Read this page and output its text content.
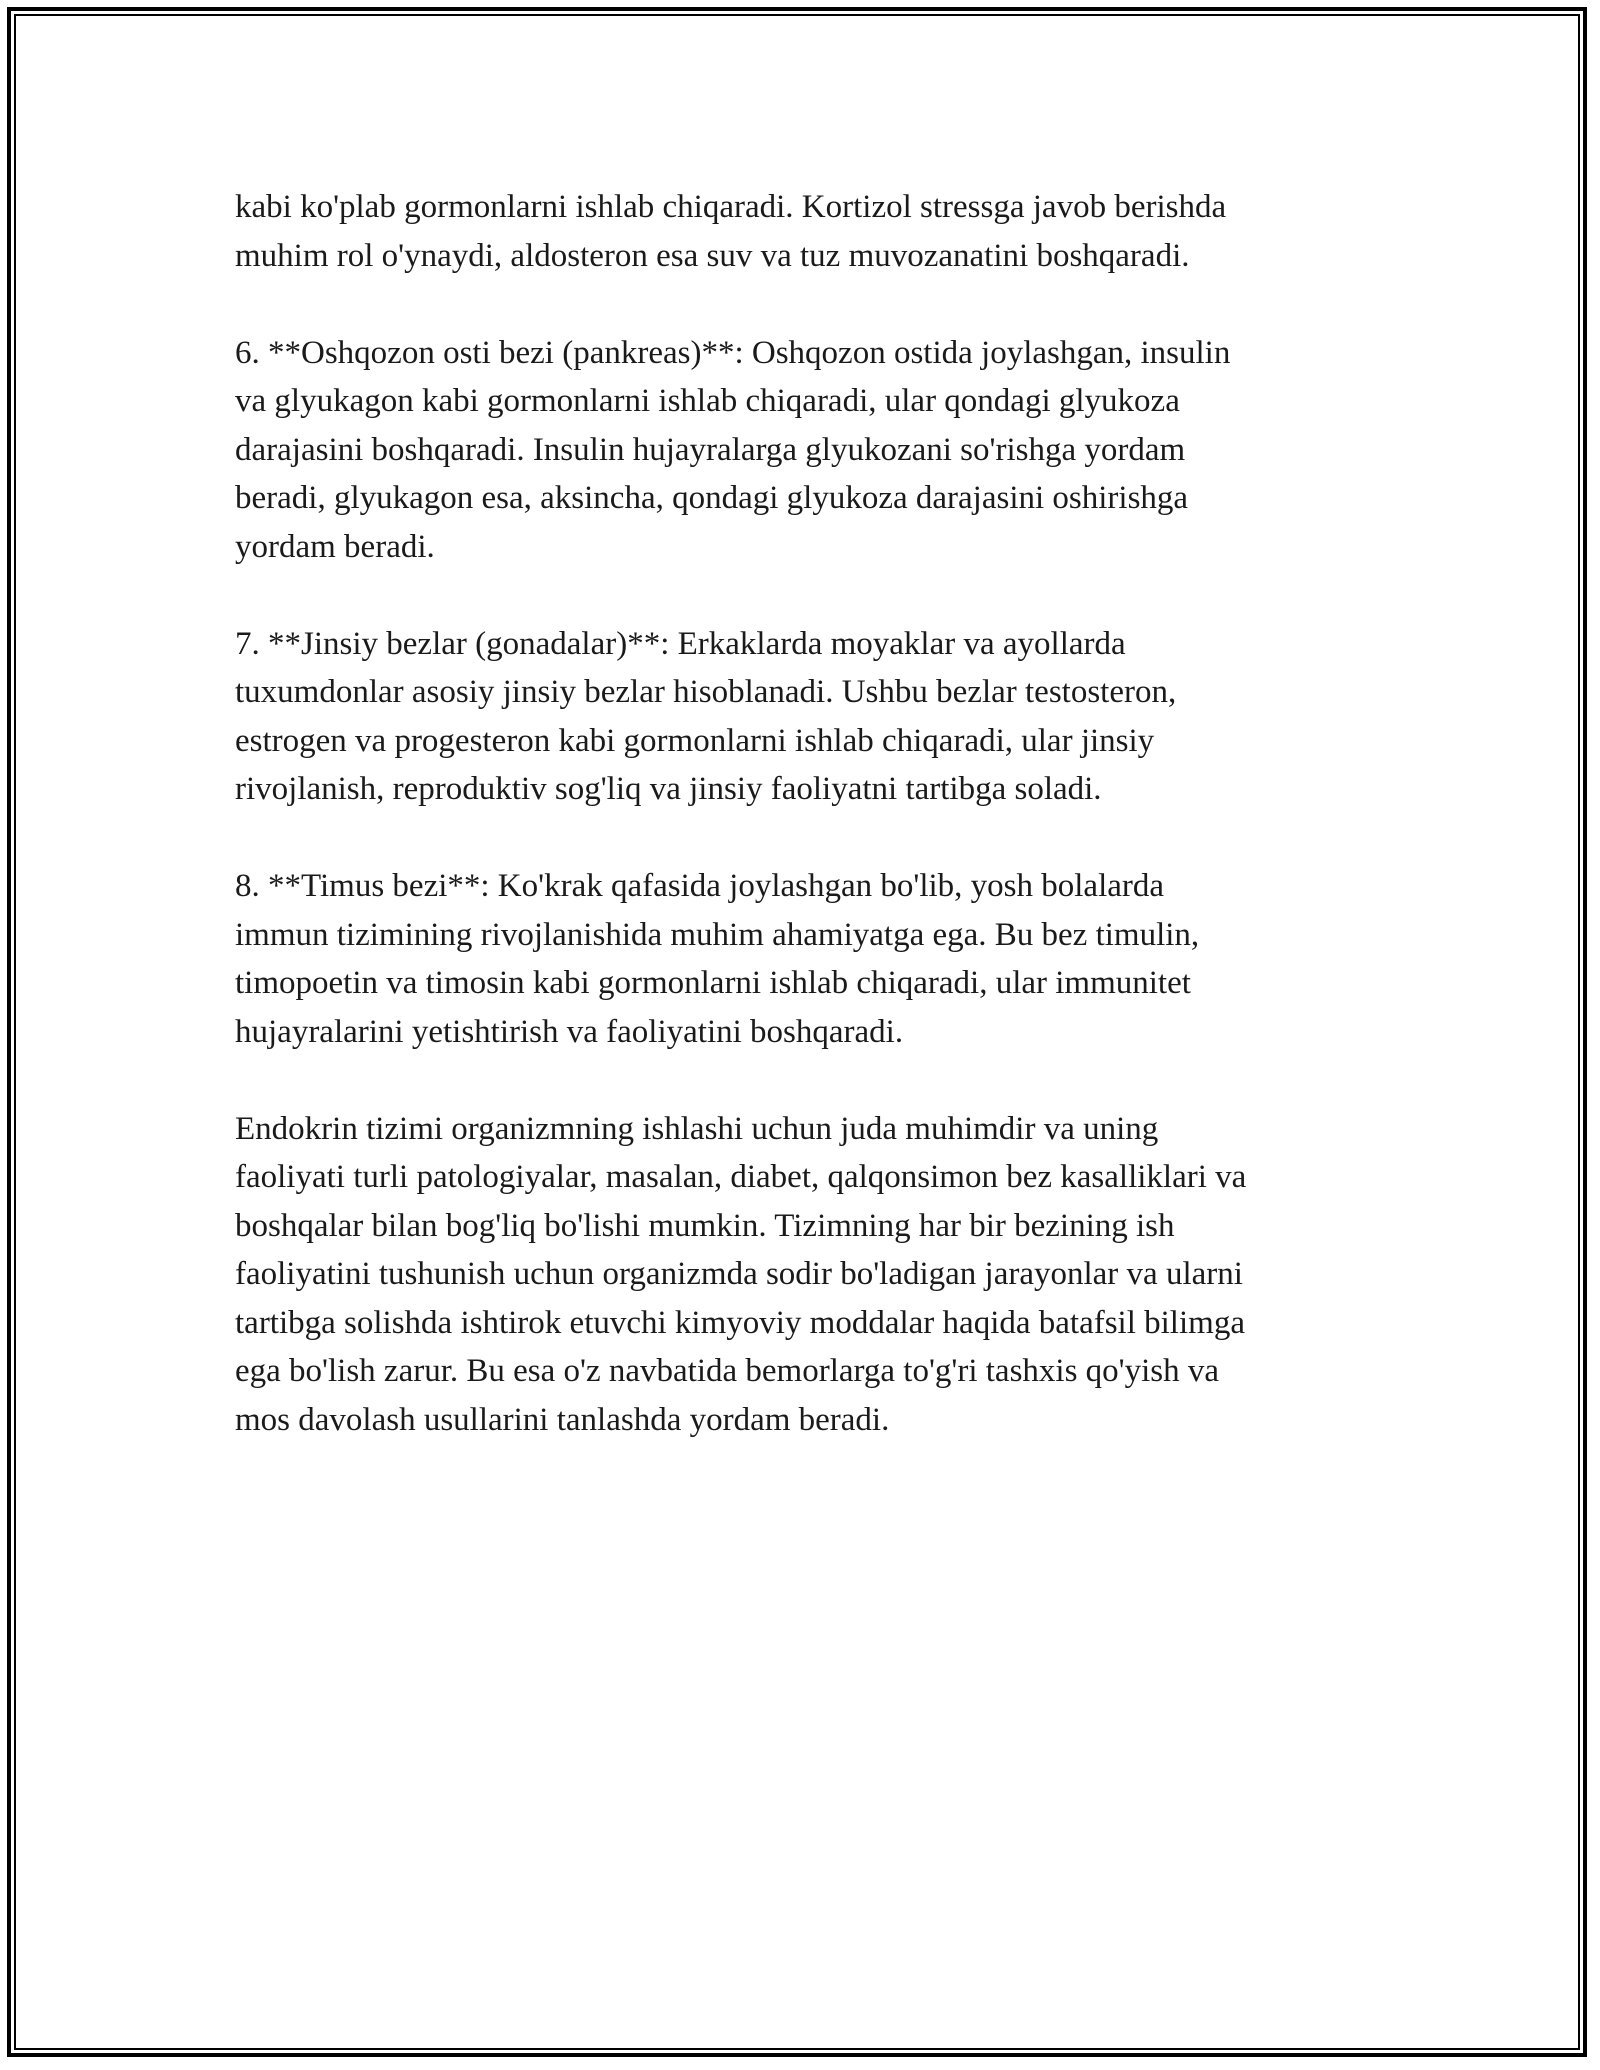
kabi ko'plab gormonlarni ishlab chiqaradi. Kortizol stressga javob berishda
muhim rol o'ynaydi, aldosteron esa suv va tuz muvozanatini boshqaradi.

6. **Oshqozon osti bezi (pankreas)**: Oshqozon ostida joylashgan, insulin
va glyukagon kabi gormonlarni ishlab chiqaradi, ular qondagi glyukoza
darajasini boshqaradi. Insulin hujayralarga glyukozani so'rishga yordam
beradi, glyukagon esa, aksincha, qondagi glyukoza darajasini oshirishga
yordam beradi.

7. **Jinsiy bezlar (gonadalar)**: Erkaklarda moyaklar va ayollarda
tuxumdonlar asosiy jinsiy bezlar hisoblanadi. Ushbu bezlar testosteron,
estrogen va progesteron kabi gormonlarni ishlab chiqaradi, ular jinsiy
rivojlanish, reproduktiv sog'liq va jinsiy faoliyatni tartibga soladi.

8. **Timus bezi**: Ko'krak qafasida joylashgan bo'lib, yosh bolalarda
immun tizimining rivojlanishida muhim ahamiyatga ega. Bu bez timulin,
timopoetin va timosin kabi gormonlarni ishlab chiqaradi, ular immunitet
hujayralarini yetishtirish va faoliyatini boshqaradi.

Endokrin tizimi organizmning ishlashi uchun juda muhimdir va uning
faoliyati turli patologiyalar, masalan, diabet, qalqonsimon bez kasalliklari va
boshqalar bilan bog'liq bo'lishi mumkin. Tizimning har bir bezining ish
faoliyatini tushunish uchun organizmda sodir bo'ladigan jarayonlar va ularni
tartibga solishda ishtirok etuvchi kimyoviy moddalar haqida batafsil bilimga
ega bo'lish zarur. Bu esa o'z navbatida bemorlarga to'g'ri tashxis qo'yish va
mos davolash usullarini tanlashda yordam beradi.
